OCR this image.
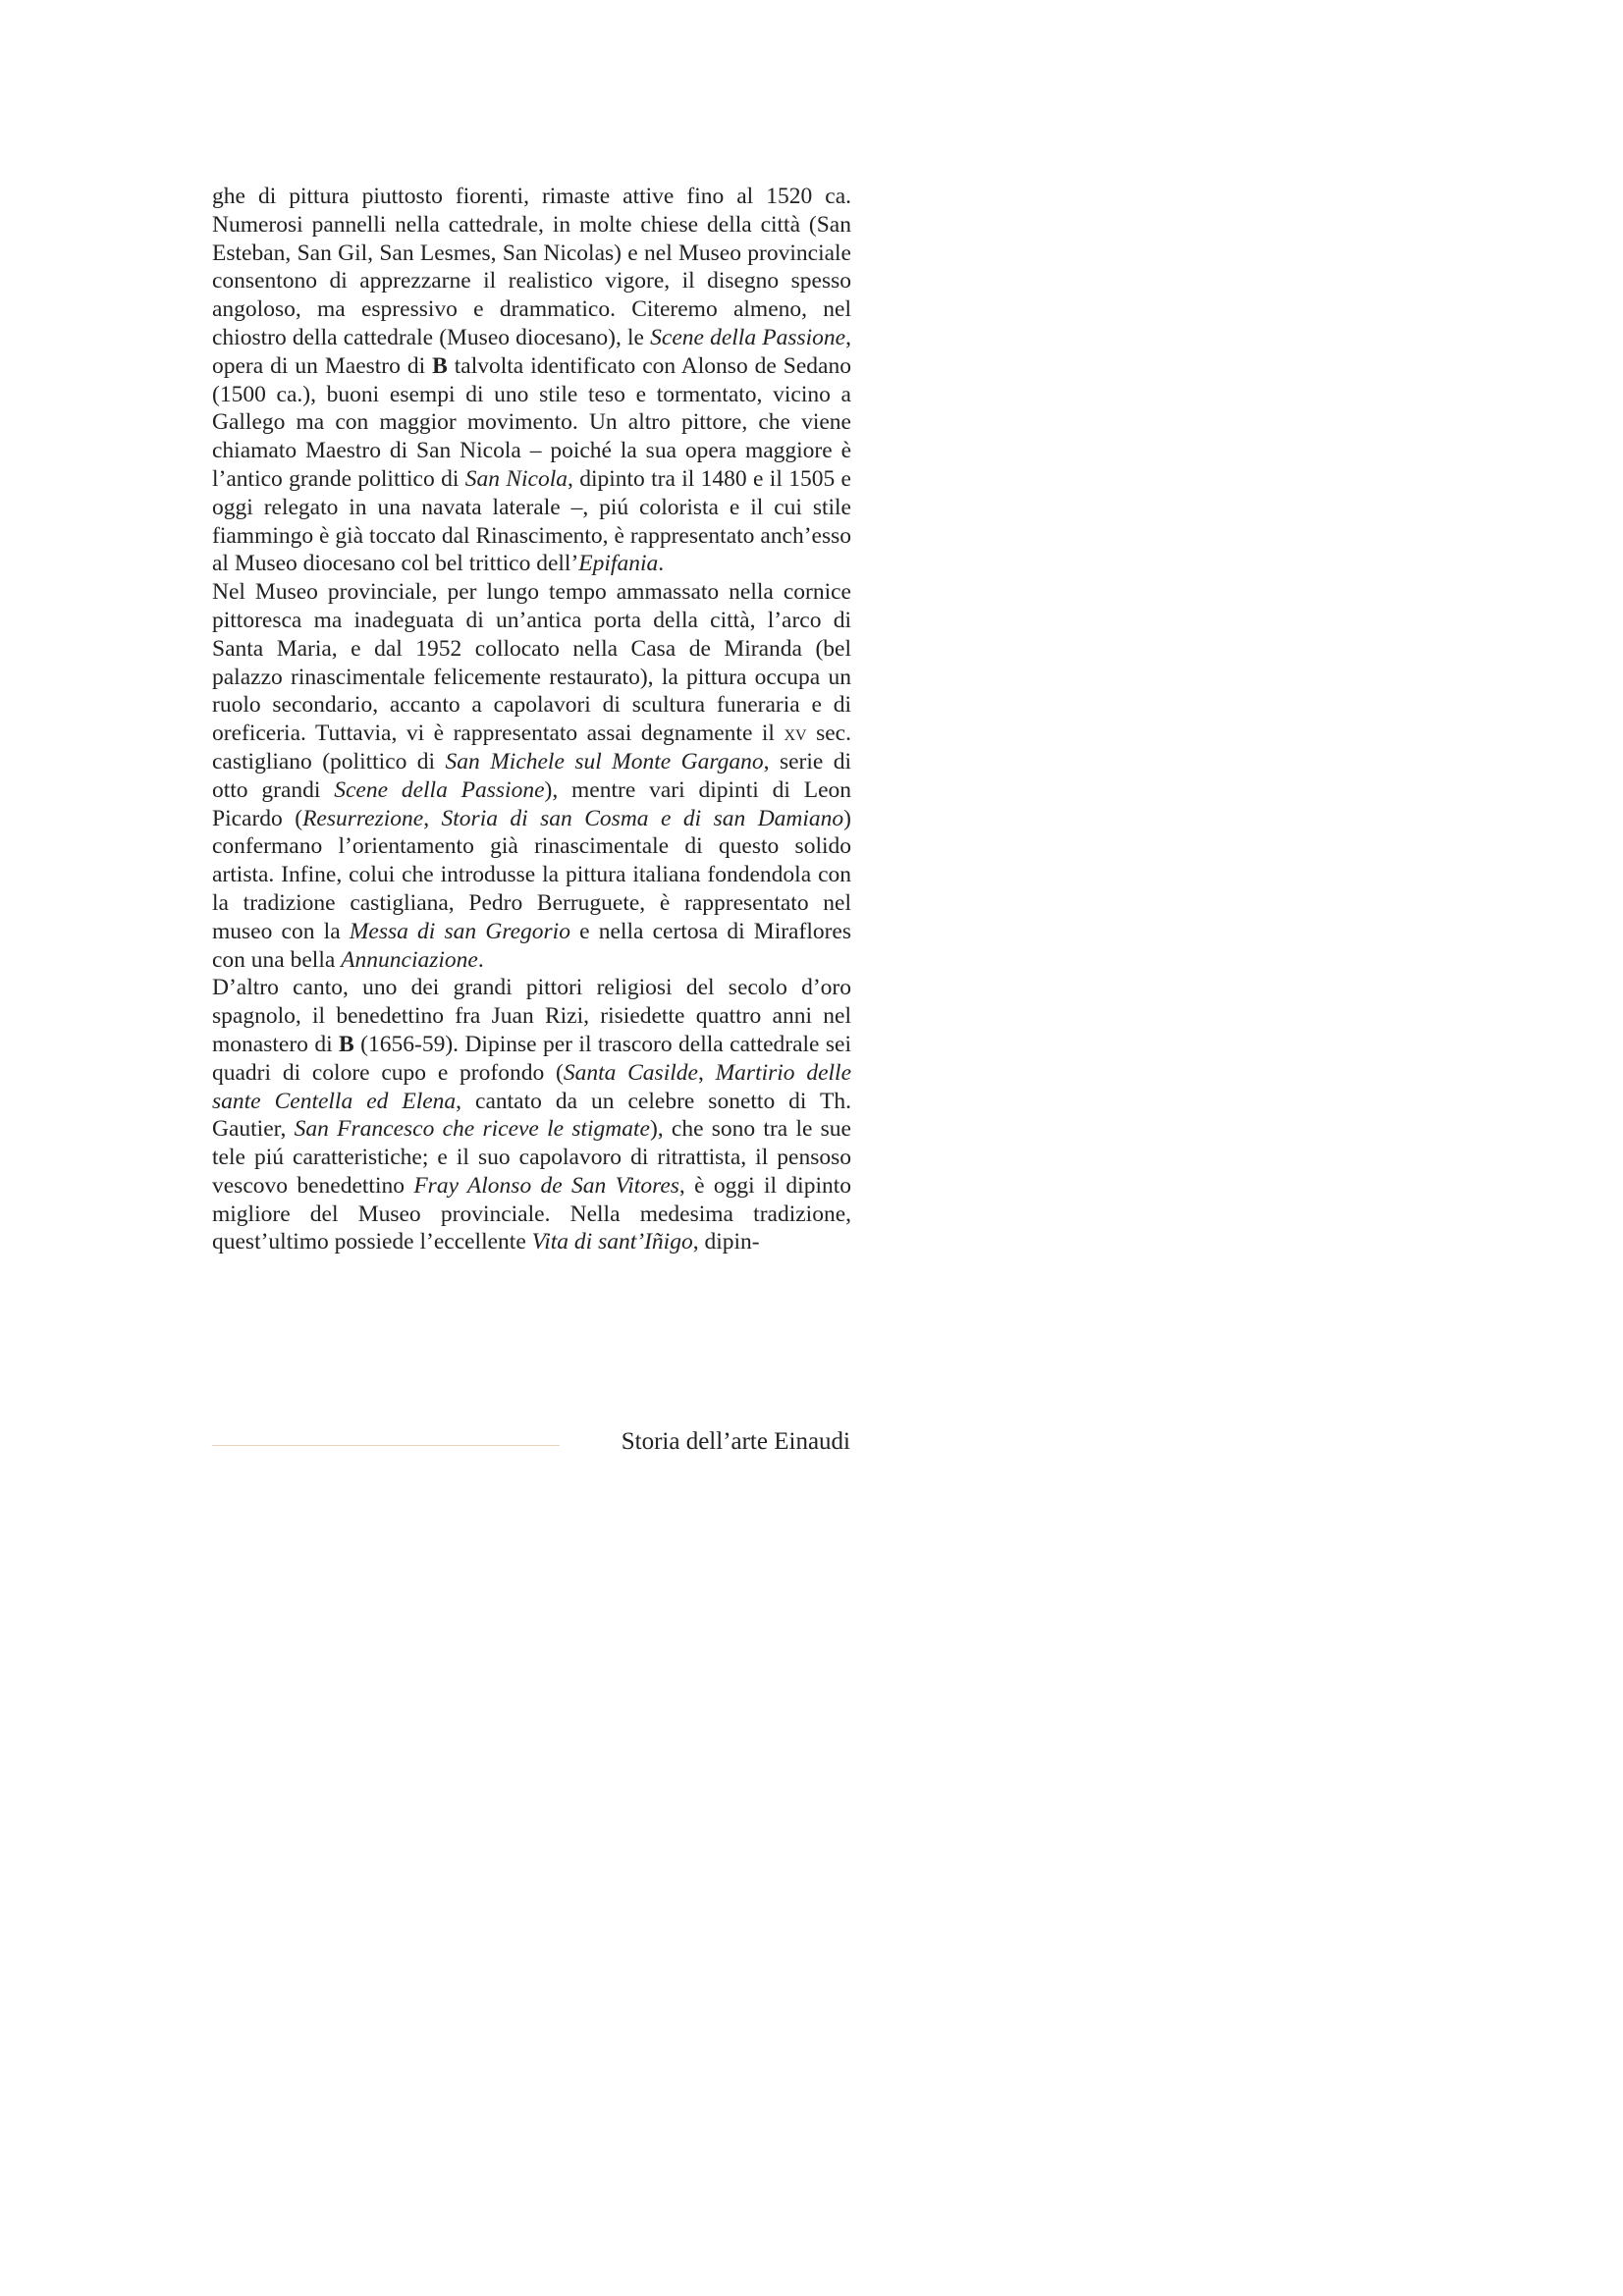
ghe di pittura piuttosto fiorenti, rimaste attive fino al 1520 ca. Numerosi pannelli nella cattedrale, in molte chiese della città (San Esteban, San Gil, San Lesmes, San Nicolas) e nel Museo provinciale consentono di apprezzarne il realistico vigore, il disegno spesso angoloso, ma espressivo e drammatico. Citeremo almeno, nel chiostro della cattedrale (Museo diocesano), le Scene della Passione, opera di un Maestro di B talvolta identificato con Alonso de Sedano (1500 ca.), buoni esempi di uno stile teso e tormentato, vicino a Gallego ma con maggior movimento. Un altro pittore, che viene chiamato Maestro di San Nicola – poiché la sua opera maggiore è l’antico grande polittico di San Nicola, dipinto tra il 1480 e il 1505 e oggi relegato in una navata laterale –, piú colorista e il cui stile fiammingo è già toccato dal Rinascimento, è rappresentato anch’esso al Museo diocesano col bel trittico dell’Epifania.

Nel Museo provinciale, per lungo tempo ammassato nella cornice pittoresca ma inadeguata di un’antica porta della città, l’arco di Santa Maria, e dal 1952 collocato nella Casa de Miranda (bel palazzo rinascimentale felicemente restaurato), la pittura occupa un ruolo secondario, accanto a capolavori di scultura funeraria e di oreficeria. Tuttavia, vi è rappresentato assai degnamente il xv sec. castigliano (polittico di San Michele sul Monte Gargano, serie di otto grandi Scene della Passione), mentre vari dipinti di Leon Picardo (Resurrezione, Storia di san Cosma e di san Damiano) confermano l’orientamento già rinascimentale di questo solido artista. Infine, colui che introdusse la pittura italiana fondendola con la tradizione castigliana, Pedro Berruguete, è rappresentato nel museo con la Messa di san Gregorio e nella certosa di Miraflores con una bella Annunciazione.

D’altro canto, uno dei grandi pittori religiosi del secolo d’oro spagnolo, il benedettino fra Juan Rizi, risiedette quattro anni nel monastero di B (1656-59). Dipinse per il trascoro della cattedrale sei quadri di colore cupo e profondo (Santa Casilde, Martirio delle sante Centella ed Elena, cantato da un celebre sonetto di Th. Gautier, San Francesco che riceve le stigmate), che sono tra le sue tele piú caratteristiche; e il suo capolavoro di ritrattista, il pensoso vescovo benedettino Fray Alonso de San Vitores, è oggi il dipinto migliore del Museo provinciale. Nella medesima tradizione, quest’ultimo possiede l’eccellente Vita di sant’Iñigo, dipin-

Storia dell’arte Einaudi
